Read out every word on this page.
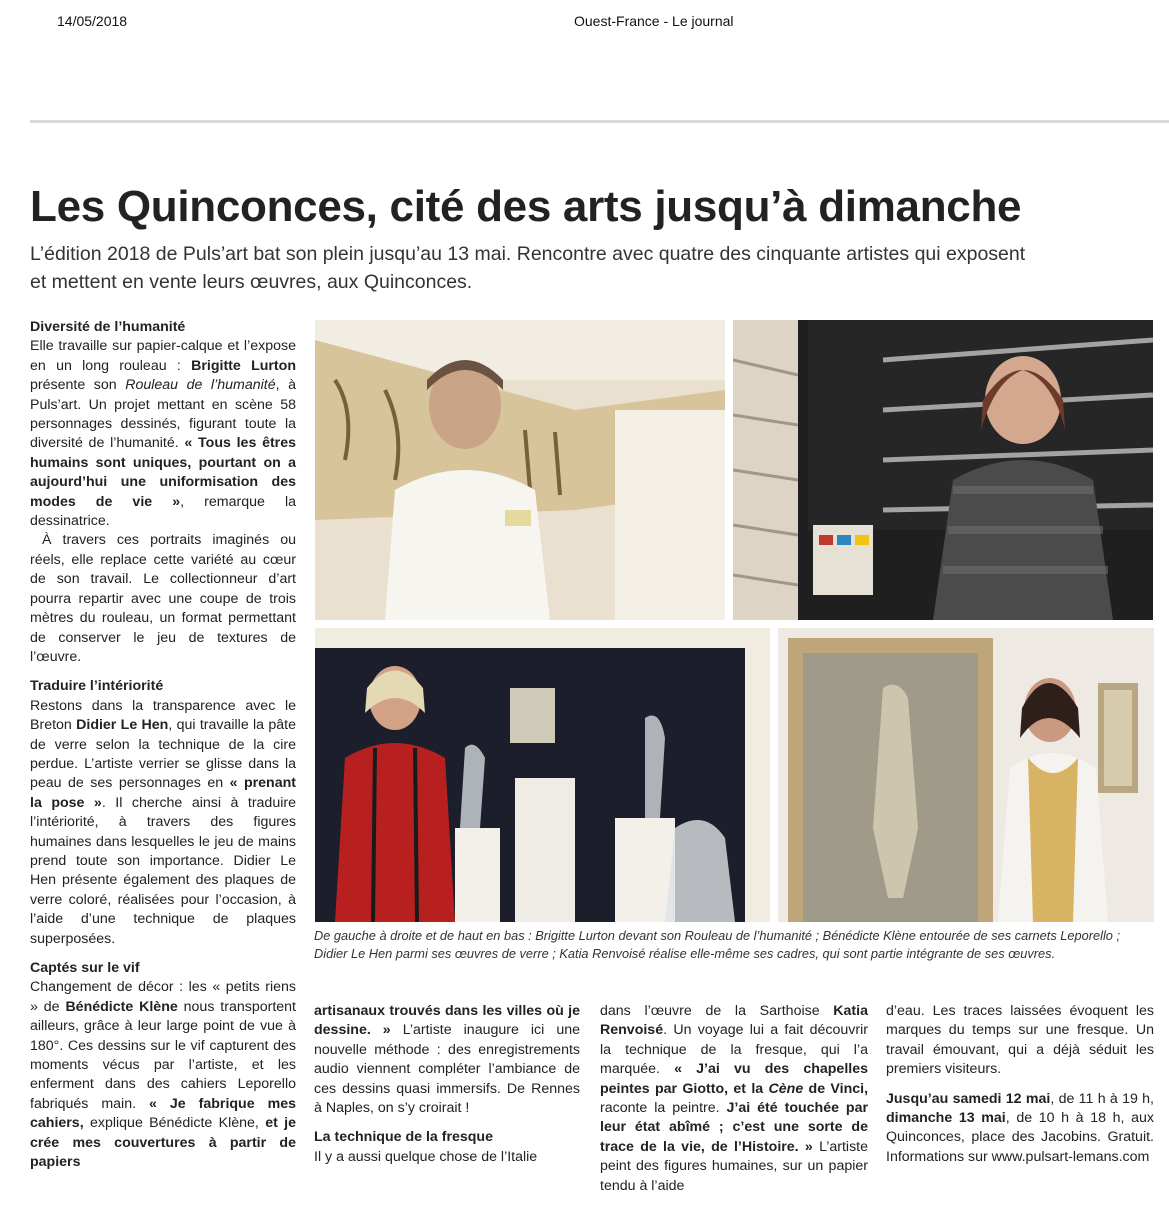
14/05/2018	Ouest-France - Le journal
Les Quinconces, cité des arts jusqu’à dimanche
L’édition 2018 de Puls’art bat son plein jusqu’au 13 mai. Rencontre avec quatre des cinquante artistes qui exposent et mettent en vente leurs œuvres, aux Quinconces.

Diversité de l’humanité

Elle travaille sur papier-calque et l’expose en un long rouleau : Brigitte Lurton présente son Rouleau de l’humanité, à Puls’art. Un projet mettant en scène 58 personnages dessinés, figurant toute la diversité de l’humanité. « Tous les êtres humains sont uniques, pourtant on a aujourd’hui une uniformisation des modes de vie », remarque la dessinatrice.

À travers ces portraits imaginés ou réels, elle replace cette variété au cœur de son travail. Le collectionneur d’art pourra repartir avec une coupe de trois mètres du rouleau, un format permettant de conserver le jeu de textures de l’œuvre.

Traduire l’intériorité

Restons dans la transparence avec le Breton Didier Le Hen, qui travaille la pâte de verre selon la technique de la cire perdue. L’artiste verrier se glisse dans la peau de ses personnages en « prenant la pose ». Il cherche ainsi à traduire l’intériorité, à travers des figures humaines dans lesquelles le jeu de mains prend toute son importance. Didier Le Hen présente également des plaques de verre coloré, réalisées pour l’occasion, à l’aide d’une technique de plaques superposées.

Captés sur le vif

Changement de décor : les « petits riens » de Bénédicte Klène nous transportent ailleurs, grâce à leur large point de vue à 180°. Ces dessins sur le vif capturent des moments vécus par l’artiste, et les enferment dans des cahiers Leporello fabriqués main. « Je fabrique mes cahiers, explique Bénédicte Klène, et je crée mes couvertures à partir de papiers

De gauche à droite et de haut en bas : Brigitte Lurton devant son Rouleau de l’humanité ; Bénédicte Klène entourée de ses carnets Leporello ; Didier Le Hen parmi ses œuvres de verre ; Katia Renvoisé réalise elle-même ses cadres, qui sont partie intégrante de ses œuvres.

artisanaux trouvés dans les villes où je dessine. » L’artiste inaugure ici une nouvelle méthode : des enregistrements audio viennent compléter l’ambiance de ces dessins quasi immersifs. De Rennes à Naples, on s’y croirait !

La technique de la fresque

Il y a aussi quelque chose de l’Italie

dans l’œuvre de la Sarthoise Katia Renvoisé. Un voyage lui a fait découvrir la technique de la fresque, qui l’a marquée. « J’ai vu des chapelles peintes par Giotto, et la Cène de Vinci, raconte la peintre. J’ai été touchée par leur état abîmé ; c’est une sorte de trace de la vie, de l’Histoire. » L’artiste peint des figures humaines, sur un papier tendu à l’aide

d’eau. Les traces laissées évoquent les marques du temps sur une fresque. Un travail émouvant, qui a déjà séduit les premiers visiteurs.

Jusqu’au samedi 12 mai, de 11 h à 19 h, dimanche 13 mai, de 10 h à 18 h, aux Quinconces, place des Jacobins. Gratuit. Informations sur www.pulsart-lemans.com
